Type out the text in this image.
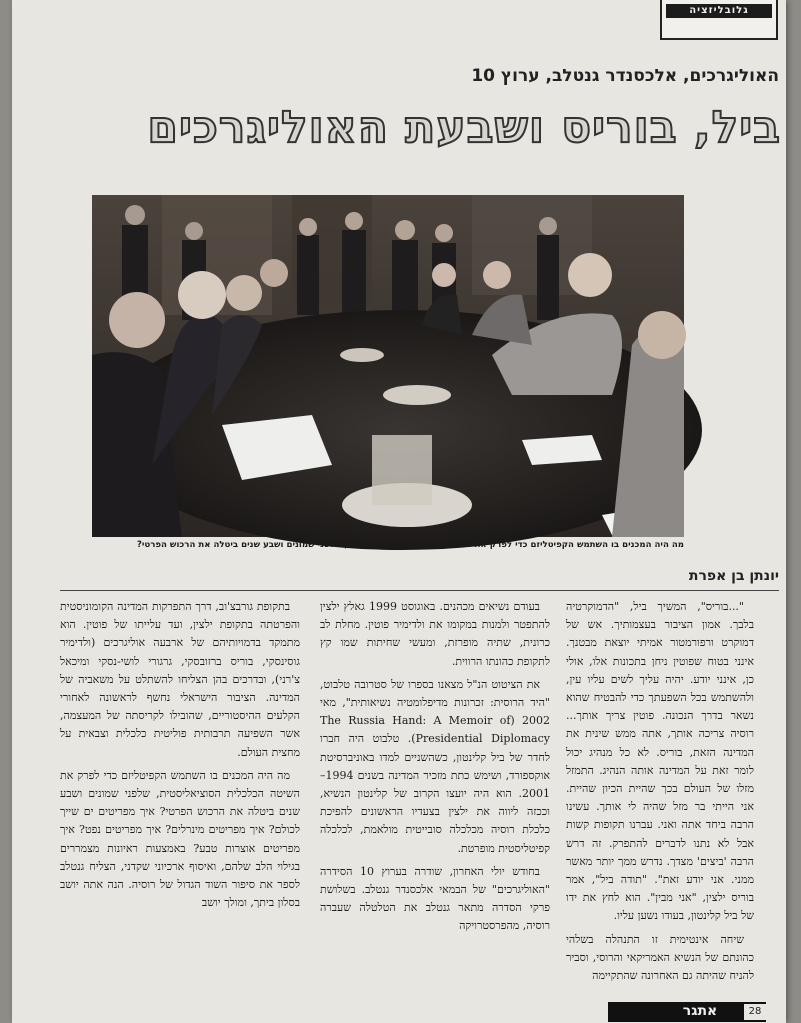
גלובליזציה
האוליגרכים, אלכסנדר גנטלב, ערוץ 10
ביל, בוריס ושבעת האוליגרכים
מה היה המכנים בו השתמש הקפיטליזם כדי לפרק את השיטה הכלכלית הסוציאליסטית, שלפני שמונים ושבע שנים ביטלה את הרכוש הפרטי?
יונתן בן אפרת

"...בוריס", המשיך ביל, "הדמוקרטיה בלבך. אמון הציבור בעצמותיך. אש של דמוקרט ורפורמטור אמיתי יוצאת מבטנך. אינני בטוח שפוטין ניחן בתכונות אלו, אולי כן, אינני יודע. יהיה עליך לשים עליו עין, ולהשתמש בכל השפעתך כדי להבטיח שהוא נשאר בדרך הנכונה. פוטין צריך אותך... רוסיה צריכה אותך, אתה ממש שינית את המדינה הזאת, בוריס. לא כל מנהיג יכול לומר זאת על המדינה אותה הנהיג. התמזל מזלו של העולם בכך שהיית הכיון שהיית. אני הייתי בר מזל שהיה לי אותך. עשינו הרבה ביחד אתה ואני. עברנו תקופות קשות אבל לא נתנו לדברים להתפרק. זה דרש הרבה 'ביצים' מצדך. נדרש ממך יותר מאשר ממני. אני יודע זאת". "תודה ביל", אמר בוריס ילצין, "אני מבין". הוא לחץ את ידו של ביל קלינטון, בעודו נשען עליו.

שיחה אינטימית זו התנהלה בשלהי כהונתם של הנשיא האמריקאי והרוסי, וסביר להניח שהיתה גם האחרונה שהתקיימה

בעודם נשיאים מכהנים. באוגוסט 1999 גאלץ ילצין להתפטר ולמנות במקומו את ולדימיר פוטין. מחלת לב כרונית, שתיה מופרזת, ומעשי שחיתות שמו קץ לתקופת כהונתו הרווית.

את הציטוט הנ"ל מצאנו בספרו של סטרובה טלבוט, "היד הרוסית: זכרונות מדיפלומטיה נשיאותית", מאי 2002 (The Russia Hand: A Memoir of Presidential Diplomacy). טלבוט היה חברו לחדר של ביל קלינטון, כשהשניים למדו באוניברסיטת אוקספורד, ושימש כתת מזכיר המדינה בשנים 1994–2001. הוא היה יועצו הקרוב של קלינטון הנשיא, וככזה ליווה את ילצין בצעדיו הראשונים להפיכת כלכלת רוסיה מכלכלה סובייטית מולאמת, לכלכלה קפיטליסטית מופרטת.

בחודש יולי האחרון, שודרה בערוץ 10 הסידרה "האוליגרכים" של הבמאי אלכסנדר גנטלב. בשלושת פרקי הסדרה מתאר גנטלב את הטלטלה שעברה רוסיה, מהפרסטרויקה

בתקופת גורבצ'וב, דרך התפרקות המדינה הקומוניסטית והפרטתה בתקופת ילצין, ועד עלייתו של פוטין. הוא מתמקד בדמויותיהם של ארבעה אוליגרכים (ולדימיר גוסינסקי, בוריס ברזובסקי, גרגורי לושי-נסקי ומיכאל צ'רני), ובדרכים בהן הצליחו להשתלט על משאביה של המדינה. הציבור הישראלי נחשף לראשונה לאחורי הקלעים ההיסטוריים, שהובילו לקריסתה של המעצמה, אשר השפיעה תרבותית פוליטית כלכלית וצבאית על מחצית העולם.

מה היה המכנים בו השתמש הקפיטליזם כדי לפרק את השיטה הכלכלית הסוציאליסטית, שלפני שמונים ושבע שנים ביטלה את הרכוש הפרטי? איך מפריטים ים שייך לכולם? איך מפריטים מינרלים? איך מפריטים נפט? איך מפריטים אוצרות טבע? באמצעות ראיונות מצמררים בגילוי הלב שלהם, ואיסוף ארכיוני שקדני, הצליח גנטלב לספר את סיפור השוד הגדול של רוסיה. הנה אתה יושב בסלון ביתך, ומולך יושב

אתגר	28
